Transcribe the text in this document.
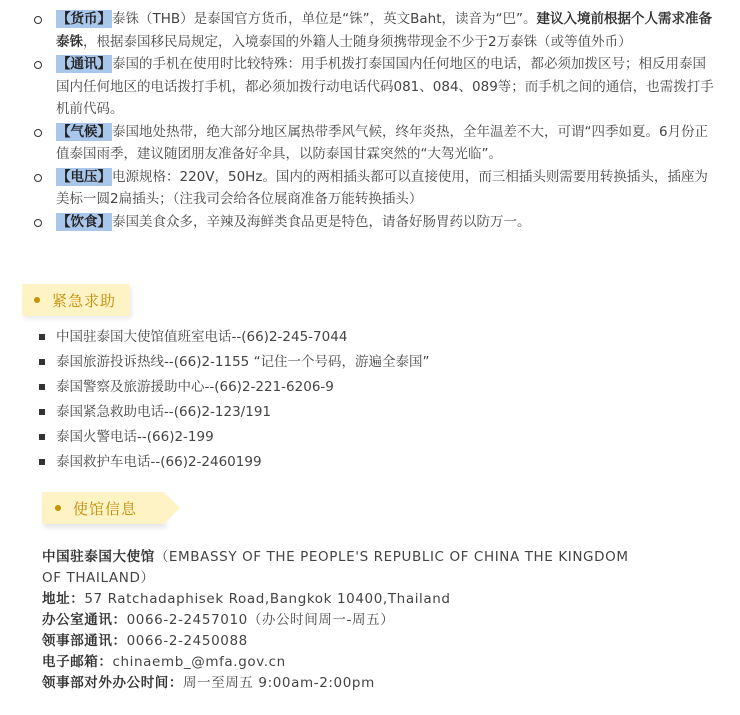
【货币】泰铢（THB）是泰国官方货币，单位是“铢”，英文Baht，读音为“巴”。建议入境前根据个人需求准备泰铢，根据泰国移民局规定，入境泰国的外籍人士随身须携带现金不少于2万泰铢（或等值外币）
【通讯】泰国的手机在使用时比较特殊：用手机拨打泰国国内任何地区的电话，都必须加拨区号；相反用泰国国内任何地区的电话拨打手机，都必须加拨行动电话代码081、084、089等；而手机之间的通信，也需拨打手机前代码。
【气候】泰国地处热带，绝大部分地区属热带季风气候，终年炎热，全年温差不大，可谓“四季如夏。6月份正值泰国雨季，建议随团朋友准备好伞具，以防泰国甘霖突然的“大驾光临”。
【电压】电源规格：220V，50Hz。国内的两相插头都可以直接使用，而三相插头则需要用转换插头，插座为美标一圆2扁插头；（注我司会给各位展商准备万能转换插头）
【饮食】泰国美食众多，辛辣及海鲜类食品更是特色，请备好肠胃药以防万一。
紧急求助
中国驻泰国大使馆值班室电话--(66)2-245-7044
泰国旅游投诉热线--(66)2-1155 “记住一个号码，游遍全泰国”
泰国警察及旅游援助中心--(66)2-221-6206-9
泰国紧急救助电话--(66)2-123/191
泰国火警电话--(66)2-199
泰国救护车电话--(66)2-2460199
使馆信息
中国驻泰国大使馆（EMBASSY OF THE PEOPLE'S REPUBLIC OF CHINA THE KINGDOM OF THAILAND）
地址：57 Ratchadaphisek Road,Bangkok 10400,Thailand
办公室通讯：0066-2-2457010（办公时间周一-周五）
领事部通讯：0066-2-2450088
电子邮箱：chinaemb_@mfa.gov.cn
领事部对外办公时间：周一至周五 9:00am-2:00pm
